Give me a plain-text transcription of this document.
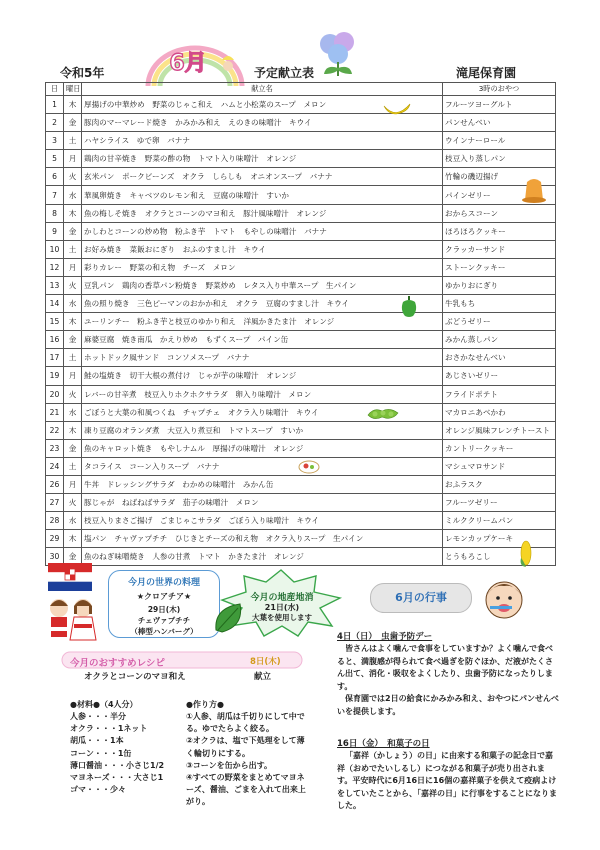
6月
令和5年	予定献立表	滝尾保育園
日	曜日	献立名	3時のおやつ
1	木	厚揚げの中華炒め　野菜のじゃこ和え　ハムと小松菜のスープ　メロン	フルーツヨーグルト
2	金	豚肉のマーマレード焼き　かみかみ和え　えのきの味噌汁　キウイ	パンせんべい
3	土	ハヤシライス　ゆで卵　バナナ	ウインナーロール
5	月	鶏肉の甘辛焼き　野菜の酢の物　トマト入り味噌汁　オレンジ	枝豆入り蒸しパン
6	火	玄米パン　ポークビーンズ　オクラ　しらしも　オニオンスープ　バナナ	竹輪の磯辺揚げ
7	水	華風卵焼き　キャベツのレモン和え　豆腐の味噌汁　すいか	パインゼリー
8	木	魚の梅しそ焼き　オクラとコーンのマヨ和え　豚汁風味噌汁　オレンジ	おからスコーン
9	金	かしわとコーンの炒め物　粉ふき芋　トマト　もやしの味噌汁　バナナ	ほろほろクッキー
10	土	お好み焼き　菜飯おにぎり　おふのすまし汁　キウイ	クラッカーサンド
12	月	彩りカレー　野菜の和え物　チーズ　メロン	ストーンクッキー
13	火	豆乳パン　鶏肉の香草パン粉焼き　野菜炒め　レタス入り中華スープ　生パイン	ゆかりおにぎり
14	水	魚の照り焼き　三色ピーマンのおかか和え　オクラ　豆腐のすまし汁　キウイ	牛乳もち
15	木	ユーリンチー　粉ふき芋と枝豆のゆかり和え　洋風かきたま汁　オレンジ	ぶどうゼリー
16	金	麻婆豆腐　焼き南瓜　かえり炒め　もずくスープ　パイン缶	みかん蒸しパン
17	土	ホットドック風サンド　コンソメスープ　バナナ	おさかなせんべい
19	月	鮭の塩焼き　切干大根の煮付け　じゃが芋の味噌汁　オレンジ	あじさいゼリー
20	火	レバーの甘辛煮　枝豆入りホクホクサラダ　卵入り味噌汁　メロン	フライドポテト
21	水	ごぼうと大葉の和風つくね　チャプチェ　オクラ入り味噌汁　キウイ	マカロニあべかわ
22	木	凍り豆腐のオランダ煮　大豆入り煮豆和　トマトスープ　すいか	オレンジ風味フレンチトースト
23	金	魚のキャロット焼き　もやしナムル　厚揚げの味噌汁　オレンジ	カントリークッキー
24	土	タコライス　コーン入りスープ　バナナ	マシュマロサンド
26	月	牛丼　ドレッシングサラダ　わかめの味噌汁　みかん缶	おふラスク
27	火	豚じゃが　ねばねばサラダ　茄子の味噌汁　メロン	フルーツゼリー
28	水	枝豆入りまさご揚げ　ごまじゃこサラダ　ごぼう入り味噌汁　キウイ	ミルククリームパン
29	木	塩パン　チャヴァプチチ　ひじきとチーズの和え物　オクラ入りスープ　生パイン	レモンカップケーキ
30	金	魚のねぎ味噌焼き　人参の甘煮　トマト　かきたま汁　オレンジ	とうもろこし
今月の世界の料理
★クロアチア★
29日(木)
チェヴァプチチ
（棒型ハンバーグ）
今月の地産地消
21日(水)
大葉を使用します
今月のおすすめレシピ	8日(木)
オクラとコーンのマヨ和え	献立
●材料●（4人分）
人参・・・半分
オクラ・・・1ネット
胡瓜・・・1本
コーン・・・1缶
薄口醤油・・・小さじ1/2
マヨネーズ・・・大さじ1
ゴマ・・・少々
●作り方●
①人参、胡瓜は千切りにして中でる。ゆでたらよく絞る。
②オクラは、塩で下処理をして薄く輪切りにする。
③コーンを缶から出す。
④すべての野菜をまとめてマヨネーズ、醤油、ごまを入れて出来上がり。
6月の行事
4日（日）　虫歯予防デー
皆さんはよく噛んで食事をしていますか？よく噛んで食べると、満腹感が得られて食べ過ぎを防ぐほか、だ液がたくさん出て、消化・吸収をよくしたり、虫歯予防になったりします。
保育園では2日の給食にかみかみ和え、おやつにパンせんべいを提供します。
16日（金）　和菓子の日
「嘉祥（かしょう）の日」に由来する和菓子の記念日で嘉祥（おめでたいしるし）につながる和菓子が売り出されます。平安時代に6月16日に16個の嘉祥菓子を供えて疫病よけをしていたことから、「嘉祥の日」に行事をすることになりました。
